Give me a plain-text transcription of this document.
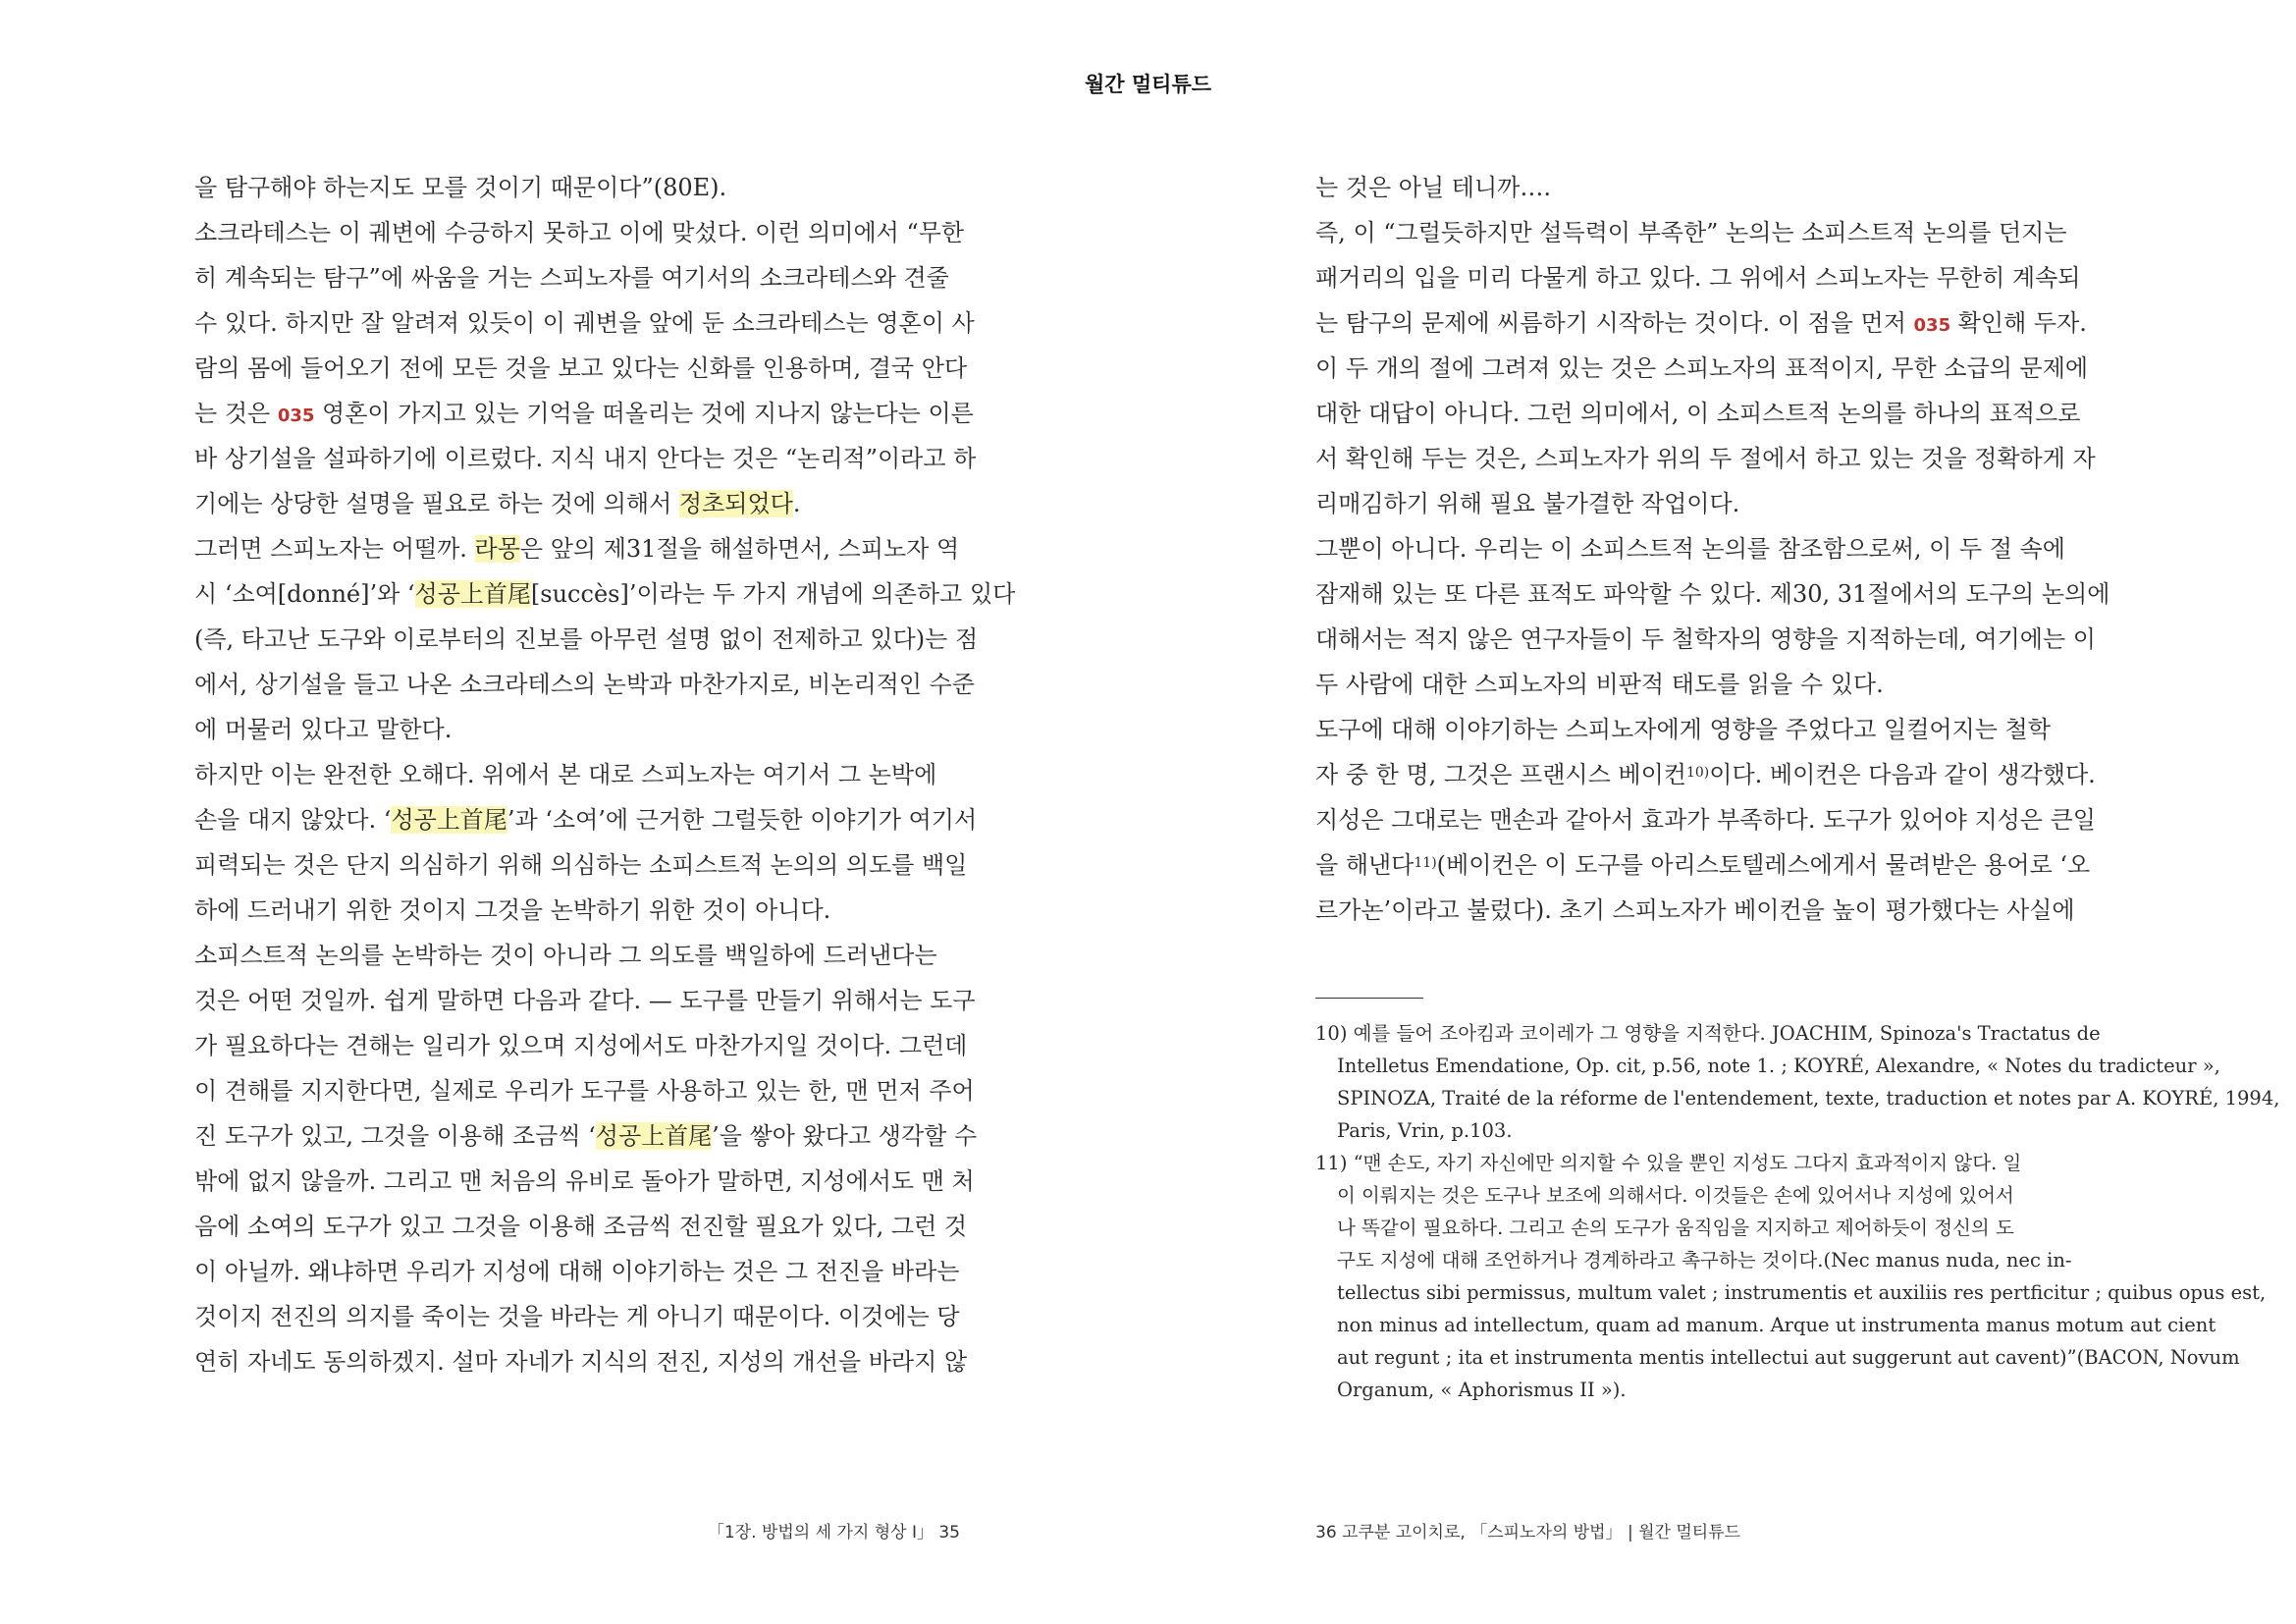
월간 멀티튜드
을 탐구해야 하는지도 모를 것이기 때문이다”(80E).
소크라테스는 이 궤변에 수긍하지 못하고 이에 맞섰다. 이런 의미에서 “무한
히 계속되는 탐구”에 싸움을 거는 스피노자를 여기서의 소크라테스와 견줄
수 있다. 하지만 잘 알려져 있듯이 이 궤변을 앞에 둔 소크라테스는 영혼이 사
람의 몸에 들어오기 전에 모든 것을 보고 있다는 신화를 인용하며, 결국 안다
는 것은 035 영혼이 가지고 있는 기억을 떠올리는 것에 지나지 않는다는 이른
바 상기설을 설파하기에 이르렀다. 지식 내지 안다는 것은 “논리적”이라고 하
기에는 상당한 설명을 필요로 하는 것에 의해서 정초되었다.
그러면 스피노자는 어떨까. 라몽은 앞의 제31절을 해설하면서, 스피노자 역
시 ‘소여[donné]’와 ‘성공上首尾[succès]’이라는 두 가지 개념에 의존하고 있다
(즉, 타고난 도구와 이로부터의 진보를 아무런 설명 없이 전제하고 있다)는 점
에서, 상기설을 들고 나온 소크라테스의 논박과 마찬가지로, 비논리적인 수준
에 머물러 있다고 말한다.
하지만 이는 완전한 오해다. 위에서 본 대로 스피노자는 여기서 그 논박에
손을 대지 않았다. ‘성공上首尾’과 ‘소여’에 근거한 그럴듯한 이야기가 여기서
피력되는 것은 단지 의심하기 위해 의심하는 소피스트적 논의의 의도를 백일
하에 드러내기 위한 것이지 그것을 논박하기 위한 것이 아니다.
소피스트적 논의를 논박하는 것이 아니라 그 의도를 백일하에 드러낸다는
것은 어떤 것일까. 쉽게 말하면 다음과 같다. — 도구를 만들기 위해서는 도구
가 필요하다는 견해는 일리가 있으며 지성에서도 마찬가지일 것이다. 그런데
이 견해를 지지한다면, 실제로 우리가 도구를 사용하고 있는 한, 맨 먼저 주어
진 도구가 있고, 그것을 이용해 조금씩 ‘성공上首尾’을 쌓아 왔다고 생각할 수
밖에 없지 않을까. 그리고 맨 처음의 유비로 돌아가 말하면, 지성에서도 맨 처
음에 소여의 도구가 있고 그것을 이용해 조금씩 전진할 필요가 있다, 그런 것
이 아닐까. 왜냐하면 우리가 지성에 대해 이야기하는 것은 그 전진을 바라는
것이지 전진의 의지를 죽이는 것을 바라는 게 아니기 때문이다. 이것에는 당
연히 자네도 동의하겠지. 설마 자네가 지식의 전진, 지성의 개선을 바라지 않
는 것은 아닐 테니까….
즉, 이 “그럴듯하지만 설득력이 부족한” 논의는 소피스트적 논의를 던지는
패거리의 입을 미리 다물게 하고 있다. 그 위에서 스피노자는 무한히 계속되
는 탐구의 문제에 씨름하기 시작하는 것이다. 이 점을 먼저 035 확인해 두자.
이 두 개의 절에 그려져 있는 것은 스피노자의 표적이지, 무한 소급의 문제에
대한 대답이 아니다. 그런 의미에서, 이 소피스트적 논의를 하나의 표적으로
서 확인해 두는 것은, 스피노자가 위의 두 절에서 하고 있는 것을 정확하게 자
리매김하기 위해 필요 불가결한 작업이다.
그뿐이 아니다. 우리는 이 소피스트적 논의를 참조함으로써, 이 두 절 속에
잠재해 있는 또 다른 표적도 파악할 수 있다. 제30, 31절에서의 도구의 논의에
대해서는 적지 않은 연구자들이 두 철학자의 영향을 지적하는데, 여기에는 이
두 사람에 대한 스피노자의 비판적 태도를 읽을 수 있다.
도구에 대해 이야기하는 스피노자에게 영향을 주었다고 일컬어지는 철학
자 중 한 명, 그것은 프랜시스 베이컨$^{10)}$이다. 베이컨은 다음과 같이 생각했다.
지성은 그대로는 맨손과 같아서 효과가 부족하다. 도구가 있어야 지성은 큰일
을 해낸다$^{11)}$(베이컨은 이 도구를 아리스토텔레스에게서 물려받은 용어로 ‘오
르가논’이라고 불렀다). 초기 스피노자가 베이컨을 높이 평가했다는 사실에
10) 예를 들어 조아킴과 코이레가 그 영향을 지적한다. JOACHIM, Spinoza's Tractatus de
Intelletus Emendatione, Op. cit, p.56, note 1. ; KOYRÉ, Alexandre, « Notes du tradicteur »,
SPINOZA, Traité de la réforme de l'entendement, texte, traduction et notes par A. KOYRÉ, 1994,
Paris, Vrin, p.103.
11) “맨 손도, 자기 자신에만 의지할 수 있을 뿐인 지성도 그다지 효과적이지 않다. 일
이 이뤄지는 것은 도구나 보조에 의해서다. 이것들은 손에 있어서나 지성에 있어서
나 똑같이 필요하다. 그리고 손의 도구가 움직임을 지지하고 제어하듯이 정신의 도
구도 지성에 대해 조언하거나 경계하라고 촉구하는 것이다.(Nec manus nuda, nec in-
tellectus sibi permissus, multum valet ; instrumentis et auxiliis res pertficitur ; quibus opus est,
non minus ad intellectum, quam ad manum. Arque ut instrumenta manus motum aut cient
aut regunt ; ita et instrumenta mentis intellectui aut suggerunt aut cavent)”(BACON, Novum
Organum, « Aphorismus II »).
「1장. 방법의 세 가지 형상 I」 35	36 고쿠분 고이치로, 「스피노자의 방법」 | 월간 멀티튜드
